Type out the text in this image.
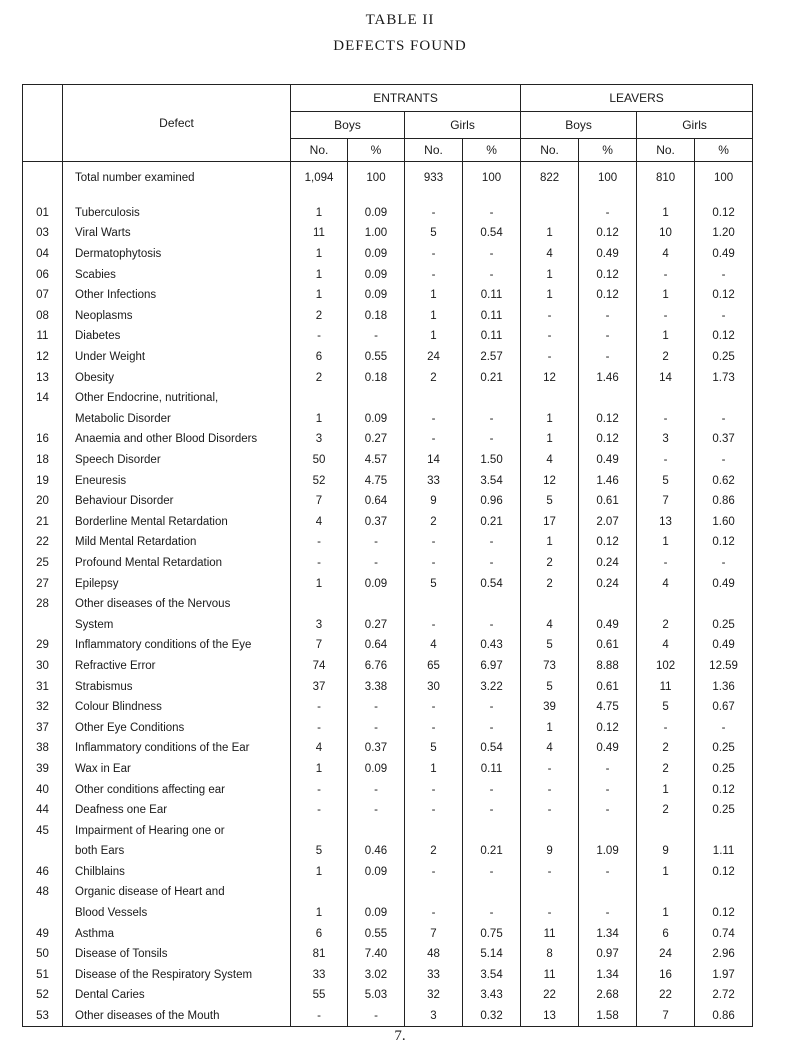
TABLE II
DEFECTS FOUND
	Defect	ENTRANTS				LEAVERS			
		Boys		Girls		Boys		Girls	
		No.	%	No.	%	No.	%	No.	%
	Total number examined	1,094	100	933	100	822	100	810	100

01	Tuberculosis	1	0.09	-	-		-	1	0.12
03	Viral Warts	11	1.00	5	0.54	1	0.12	10	1.20
04	Dermatophytosis	1	0.09	-	-	4	0.49	4	0.49
06	Scabies	1	0.09	-	-	1	0.12	-	-
07	Other Infections	1	0.09	1	0.11	1	0.12	1	0.12
08	Neoplasms	2	0.18	1	0.11	-	-	-	-
11	Diabetes	-	-	1	0.11	-	-	1	0.12
12	Under Weight	6	0.55	24	2.57	-	-	2	0.25
13	Obesity	2	0.18	2	0.21	12	1.46	14	1.73
14	Other Endocrine, nutritional,								
	Metabolic Disorder	1	0.09	-	-	1	0.12	-	-
16	Anaemia and other Blood Disorders	3	0.27	-	-	1	0.12	3	0.37
18	Speech Disorder	50	4.57	14	1.50	4	0.49	-	-
19	Eneuresis	52	4.75	33	3.54	12	1.46	5	0.62
20	Behaviour Disorder	7	0.64	9	0.96	5	0.61	7	0.86
21	Borderline Mental Retardation	4	0.37	2	0.21	17	2.07	13	1.60
22	Mild Mental Retardation	-	-	-	-	1	0.12	1	0.12
25	Profound Mental Retardation	-	-	-	-	2	0.24	-	-
27	Epilepsy	1	0.09	5	0.54	2	0.24	4	0.49
28	Other diseases of the Nervous								
	System	3	0.27	-	-	4	0.49	2	0.25
29	Inflammatory conditions of the Eye	7	0.64	4	0.43	5	0.61	4	0.49
30	Refractive Error	74	6.76	65	6.97	73	8.88	102	12.59
31	Strabismus	37	3.38	30	3.22	5	0.61	11	1.36
32	Colour Blindness	-	-	-	-	39	4.75	5	0.67
37	Other Eye Conditions	-	-	-	-	1	0.12	-	-
38	Inflammatory conditions of the Ear	4	0.37	5	0.54	4	0.49	2	0.25
39	Wax in Ear	1	0.09	1	0.11	-	-	2	0.25
40	Other conditions affecting ear	-	-	-	-	-	-	1	0.12
44	Deafness one Ear	-	-	-	-	-	-	2	0.25
45	Impairment of Hearing one or								
	both Ears	5	0.46	2	0.21	9	1.09	9	1.11
46	Chilblains	1	0.09	-	-	-	-	1	0.12
48	Organic disease of Heart and								
	Blood Vessels	1	0.09	-	-	-	-	1	0.12
49	Asthma	6	0.55	7	0.75	11	1.34	6	0.74
50	Disease of Tonsils	81	7.40	48	5.14	8	0.97	24	2.96
51	Disease of the Respiratory System	33	3.02	33	3.54	11	1.34	16	1.97
52	Dental Caries	55	5.03	32	3.43	22	2.68	22	2.72
53	Other diseases of the Mouth	-	-	3	0.32	13	1.58	7	0.86
7.
